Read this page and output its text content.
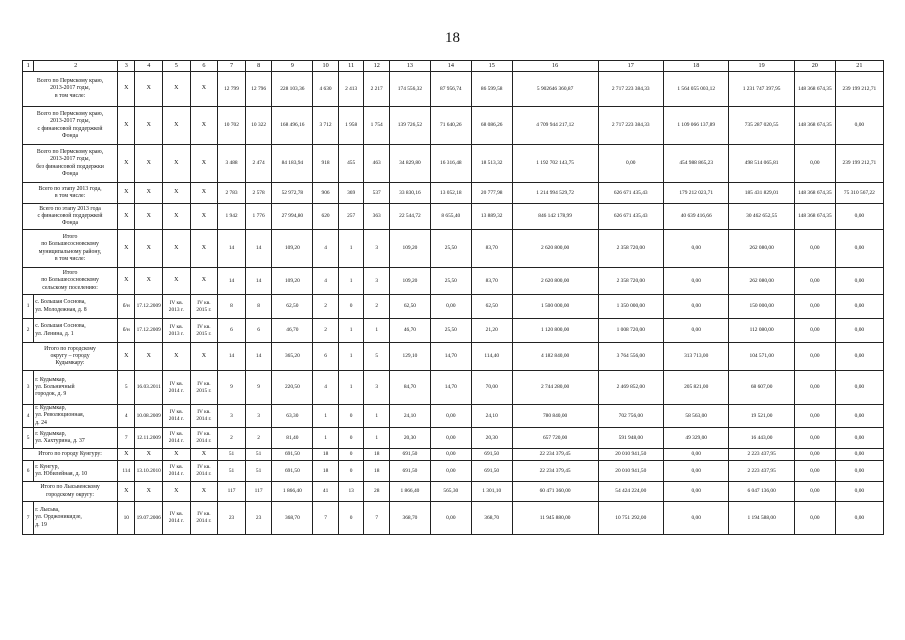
18
1	2	3	4	5	6	7	8	9	10	11	12	13	14	15	16	17	18	19	20	21
Всего по Пермскому краю,
2013-2017 годы,
в том числе:		X	X	X	X	12 799	12 796	228 103,36	4 630	2 413	2 217	174 556,32	87 956,74	86 599,58	5 902646 360,87	2 717 223 384,33	1 564 055 003,12	1 231 747 397,95	148 368 674,35	239 199 212,71
Всего по Пермскому краю,
2013-2017 годы,
с финансовой поддержкой
Фонда		X	X	X	X	10 702	10 322	168 496,16	3 712	1 958	1 754	139 726,52	71 640,26	68 086,26	4 709 944 217,12	2 717 223 384,33	1 109 066 137,89	735 287 020,55	148 368 674,35	0,00
Всего по Пермскому краю,
2013-2017 годы,
без финансовой поддержки
Фонда		X	X	X	X	3 488	2 474	84 183,94	918	455	463	34 829,80	16 316,48	18 513,32	1 192 702 143,75	0,00	454 988 865,23	498 514 065,81	0,00	239 199 212,71
Всего по этапу 2013 года,
в том числе:		X	X	X	X	2 783	2 578	52 972,78	906	369	537	33 830,16	13 052,18	20 777,98	1 214 994 529,72	626 671 435,43	179 212 023,71	185 431 829,01	148 368 674,35	75 310 567,22
Всего по этапу 2013 года
с финансовой поддержкой
Фонда		X	X	X	X	1 942	1 776	27 994,80	620	257	363	22 544,72	8 655,40	13 889,32	846 142 178,99	626 671 435,43	40 639 416,66	30 462 652,55	148 368 674,35	0,00
Итого
по Большесосновскому
муниципальному району,
в том числе:		X	X	X	X	14	14	109,20	4	1	3	109,20	25,50	83,70	2 620 800,00	2 358 720,00	0,00	262 080,00	0,00	0,00
Итого
по Большесосновскому
сельскому поселению:		X	X	X	X	14	14	109,20	4	1	3	109,20	25,50	83,70	2 620 800,00	2 358 720,00	0,00	262 080,00	0,00	0,00
1	с. Большая Соснова,
ул. Молодежная, д. 8	б/н	17.12.2009	IV кв.
2013 г.	IV кв.
2015 г.	8	8	62,50	2	0	2	62,50	0,00	62,50	1 500 000,00	1 350 000,00	0,00	150 000,00	0,00	0,00
2	с. Большая Соснова,
ул. Ленина, д. 1	б/н	17.12.2009	IV кв.
2013 г.	IV кв.
2015 г.	6	6	46,70	2	1	1	46,70	25,50	21,20	1 120 800,00	1 008 720,00	0,00	112 080,00	0,00	0,00
Итого по городскому
округу – городу
Кудымкару:		X	X	X	X	14	14	365,20	6	1	5	129,10	14,70	114,40	4 182 840,00	3 764 556,00	313 713,00	104 571,00	0,00	0,00
3	г. Кудымкар,
ул. Больничный
городок, д. 9	5	16.03.2011	IV кв.
2014 г.	IV кв.
2015 г.	9	9	220,50	4	1	3	84,70	14,70	70,00	2 744 280,00	2 469 852,00	205 821,00	68 607,00	0,00	0,00
4	г. Кудымкар,
ул. Революционная,
д. 24	4	10.08.2009	IV кв.
2014 г.	IV кв.
2014 г.	3	3	63,30	1	0	1	24,10	0,00	24,10	780 840,00	702 756,00	58 563,00	19 521,00	0,00	0,00
5	г. Кудымкар,
ул. Хахтурина, д. 37	7	12.11.2009	IV кв.
2014 г.	IV кв.
2014 г.	2	2	81,40	1	0	1	20,30	0,00	20,30	657 720,00	591 948,00	49 329,00	16 443,00	0,00	0,00
Итого по городу Кунгуру:		X	X	X	X	51	51	691,50	18	0	18	691,50	0,00	691,50	22 234 379,45	20 010 941,50	0,00	2 223 437,95	0,00	0,00
6	г. Кунгур,
ул. Юбилейная, д. 10	114	13.10.2010	IV кв.
2014 г.	IV кв.
2014 г.	51	51	691,50	18	0	18	691,50	0,00	691,50	22 234 379,45	20 010 941,50	0,00	2 223 437,95	0,00	0,00
Итого по Лысьвенскому
городскому округу:		X	X	X	X	117	117	1 866,40	41	13	28	1 866,40	565,30	1 301,10	60 471 360,00	54 424 224,00	0,00	6 047 136,00	0,00	0,00
7	г. Лысьва,
ул. Орджоникидзе,
д. 19	10	19.07.2006	IV кв.
2014 г.	IV кв.
2014 г.	23	23	368,70	7	0	7	368,70	0,00	368,70	11 945 880,00	10 751 292,00	0,00	1 194 588,00	0,00	0,00
